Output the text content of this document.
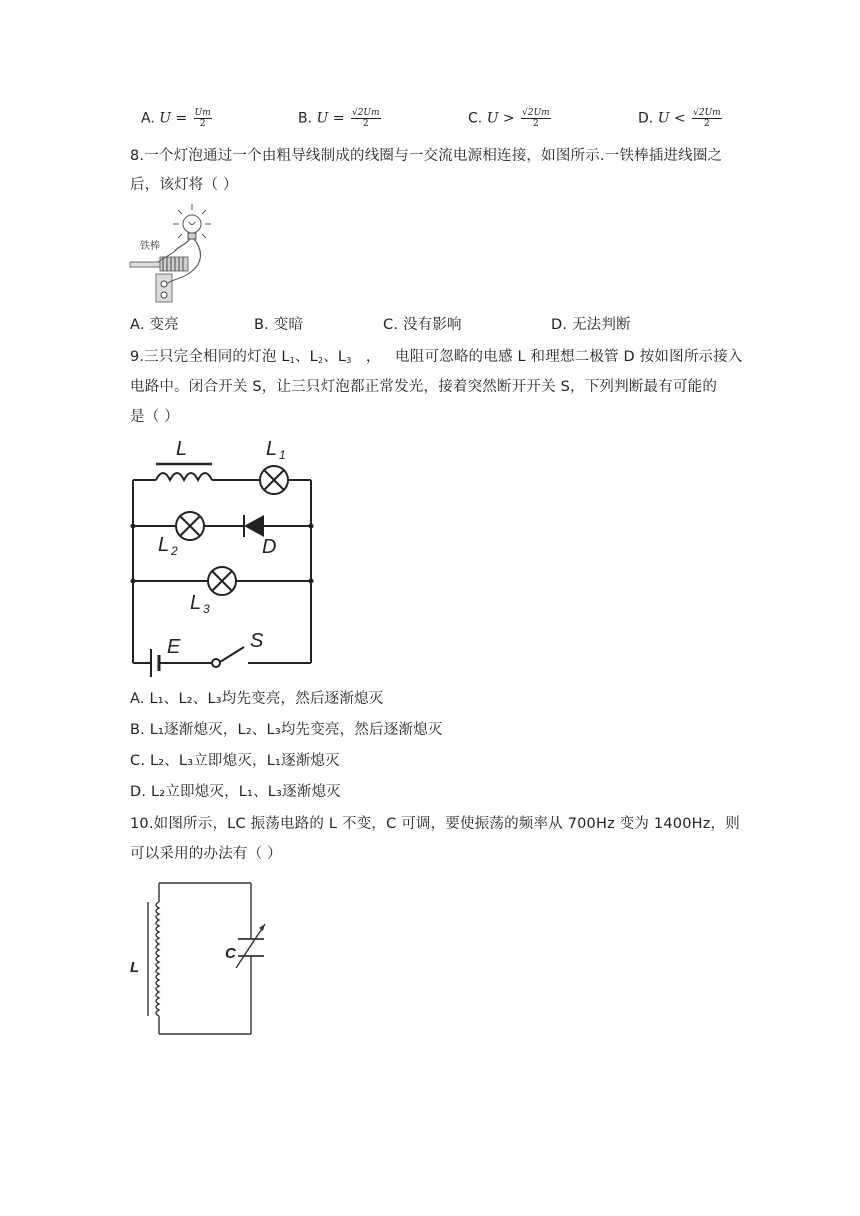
A. $U = \frac{Um}{2}$	B. $U = \frac{√2Um}{2}$	C. $U > \frac{√2Um}{2}$	D. $U < \frac{√2Um}{2}$
8.一个灯泡通过一个由粗导线制成的线圈与一交流电源相连接，如图所示.一铁棒插进线圈之
后，该灯将（ ）
铁棒
A. 变亮	B. 变暗	C. 没有影响	D. 无法判断
9.三只完全相同的灯泡 $L_1$、$L_2$、$L_3$   ，   电阻可忽略的电感 L 和理想二极管 D 按如图所示接入
电路中。闭合开关 S，让三只灯泡都正常发光，接着突然断开开关 S，下列判断最有可能的
是（ ）
L	L 1
L 2	D
L 3
E	S
A. L₁、L₂、L₃均先变亮，然后逐渐熄灭
B. L₁逐渐熄灭，L₂、L₃均先变亮，然后逐渐熄灭
C. L₂、L₃立即熄灭，L₁逐渐熄灭
D. L₂立即熄灭，L₁、L₃逐渐熄灭
10.如图所示，LC 振荡电路的 L 不变，C 可调，要使振荡的频率从 700Hz 变为 1400Hz，则
可以采用的办法有（ ）
L
C
